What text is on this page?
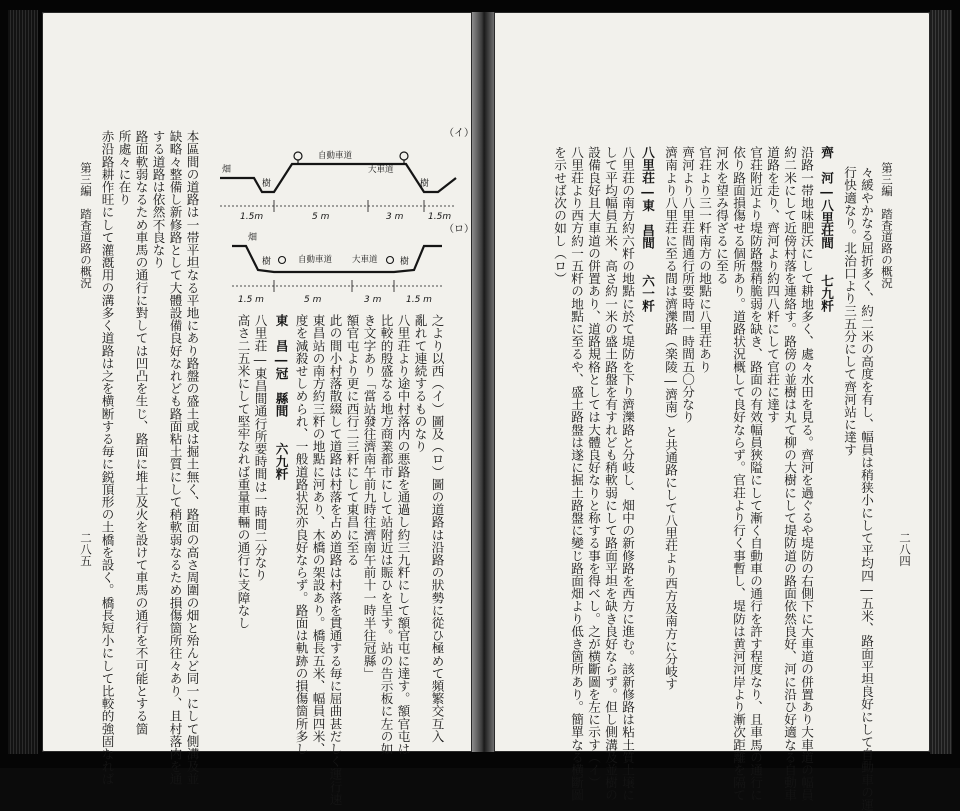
第三編　踏査道路の概況
二八四
々緩やかなる屈折多く、約二米の高度を有し、幅員は稍狭小にして平均四―五米、路面平坦良好にして自動車の運
行快適なり。北治口より三五分にして齊河站に達す
齊　河―八里荘間　　七九粁
沿路一帯地味肥沃にして耕地多く、處々水田を見る。齊河を過ぐるや堤防の右側下に大車道の併置あり大車道の幅員
約二米にして近傍村落を連絡す。路傍の並樹は丸て柳の大樹にして堤防道の路面依然良好、河に沿ひ好適なる自動車
道路を走り、齊河より約四八粁にして官荘に達す
官荘附近より堤防路盤稍脆弱を缺き、路面の有效幅員狹隘にして漸く自動車の通行を許す程度なり、且車馬の通行に
依り路面損傷せる個所あり。道路状況概して良好ならず。官荘より行く事暫し、堤防は黄河河岸より漸次距離を隔て
河水を望み得ざるに至る
官荘より三一粁南方の地點に八里荘あり
齊河より八里荘間通行所要時間一時間五〇分なり
濟南より八里荘に至る間は濟濼路（楽陵―濟南）と共通路にして八里荘より西方及南方に分岐す
八里荘―東　昌間　　六一粁
八里荘の南方約六粁の地點に於て堤防を下り濟濼路と分岐し、畑中の新修路を西方に進む。該新修路は粘土質土壌に
して平均幅員五米、高さ約一米の盛土路盤を有すれども稍軟弱にして路面平坦を缺き良好ならず。但し側溝及並樹の
設備良好且大車道の併置あり、道路規格としては大體良好なりと称する事を得べし。之が横斷圖を左に示す（イ）
八里荘より西方約一五粁の地點に至るや、盛土路盤は遂に掘土路盤に變じ路面畑より低き箇所あり。簡單なる横斷圖
を示せば次の如し（ロ）
（イ）
畑
樹	樹
自動車道
大車道
1.5m	5 m	3 m	1.5m
（ロ）
畑
樹	樹
自動車道 大車道
1.5 m	5 m	3 m	1.5 m
第三編　踏査道路の概況
二八五 赤沿路耕作旺にして灌漑用の溝多く道路は之を横断する毎に鋭頂形の土橋を設く。橋長短小にして比較的強固なれば 所處々に在り 路面軟弱なるため車馬の通行に對しては凹凸を生じ、路面に堆土及火を設けて車馬の通行を不可能とする箇 する道路は依然不良なり 缺略々整備し新修路として大體設備良好なれども路面粘土質にして稍軟弱なるため損傷箇所往々あり、且村落内を通 本區間の道路は一帯平坦なる平地にあり路盤の盛土或は掘土無く、路面の高さ周圍の畑と殆んど同一にして側溝及並	高さ二五米にして堅牢なれば重量車輛の通行に支障なし 八里荘―東昌間通行所要時間は一時間二分なり 東　昌―冠　縣間　　六九粁 度を減殺せしめられ、一般道路状況亦良好ならず。路面は軌跡の損傷箇所多し 東昌站の南方約三粁の地點に河あり、木橋の架設あり。橋長五米、幅員四米、 此の間小村落散綴して道路は村落を占め道路は村落を貫通する毎に屈曲甚だしく運行速 額官屯より更に西行二三粁にして東昌に至る き文字あり「當站發往濟南午前九時往濟南午前十一時半往冠縣」 比較的殷盛なる地方商業都市にして站附近は賑ひを呈す。站の告示板に左の如 八里荘より途中村落内の悪路を通過し約三九粁にして額官屯に達す。額官屯は 亂れて連続するものなり 之より以西（イ）圖及（ロ）圖の道路は沿路の狀勢に從ひ極めて頻繁交互入
